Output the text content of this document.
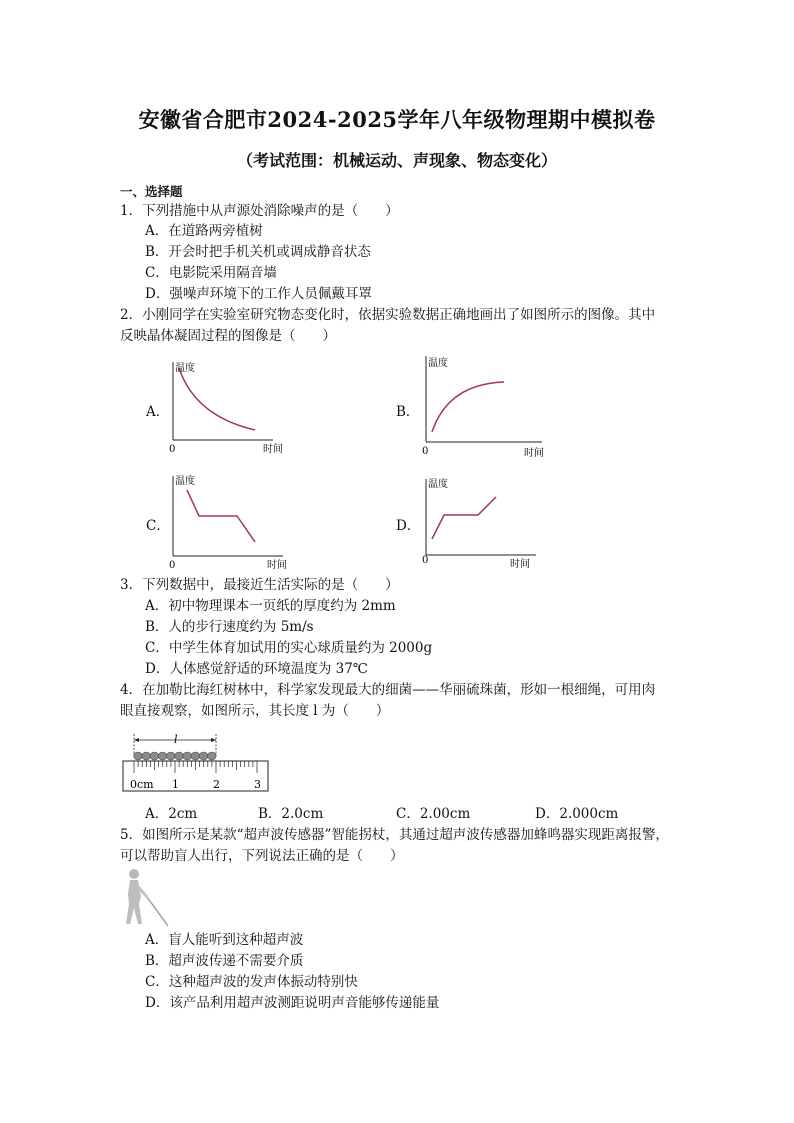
安徽省合肥市2024-2025学年八年级物理期中模拟卷
（考试范围：机械运动、声现象、物态变化）
一、选择题
1．下列措施中从声源处消除噪声的是（　　）
A．在道路两旁植树
B．开会时把手机关机或调成静音状态
C．电影院采用隔音墙
D．强噪声环境下的工作人员佩戴耳罩
2．小刚同学在实验室研究物态变化时，依据实验数据正确地画出了如图所示的图像。其中
反映晶体凝固过程的图像是（　　）
A．	B．
C．	D．
温度
0	时间
温度
0	时间
温度
0	时间
温度
0	时间
3．下列数据中，最接近生活实际的是（　　）
A．初中物理课本一页纸的厚度约为 2mm
B．人的步行速度约为 5m/s
C．中学生体育加试用的实心球质量约为 2000g
D．人体感觉舒适的环境温度为 37℃
4．在加勒比海红树林中，科学家发现最大的细菌——华丽硫珠菌，形如一根细绳，可用肉
眼直接观察，如图所示，其长度 l 为（　　）
l
0cm 1	2	3
A．2cm	B．2.0cm	C．2.00cm	D．2.000cm
5．如图所示是某款“超声波传感器”智能拐杖，其通过超声波传感器加蜂鸣器实现距离报警，
可以帮助盲人出行，下列说法正确的是（　　）
A．盲人能听到这种超声波
B．超声波传递不需要介质
C．这种超声波的发声体振动特别快
D．该产品利用超声波测距说明声音能够传递能量
